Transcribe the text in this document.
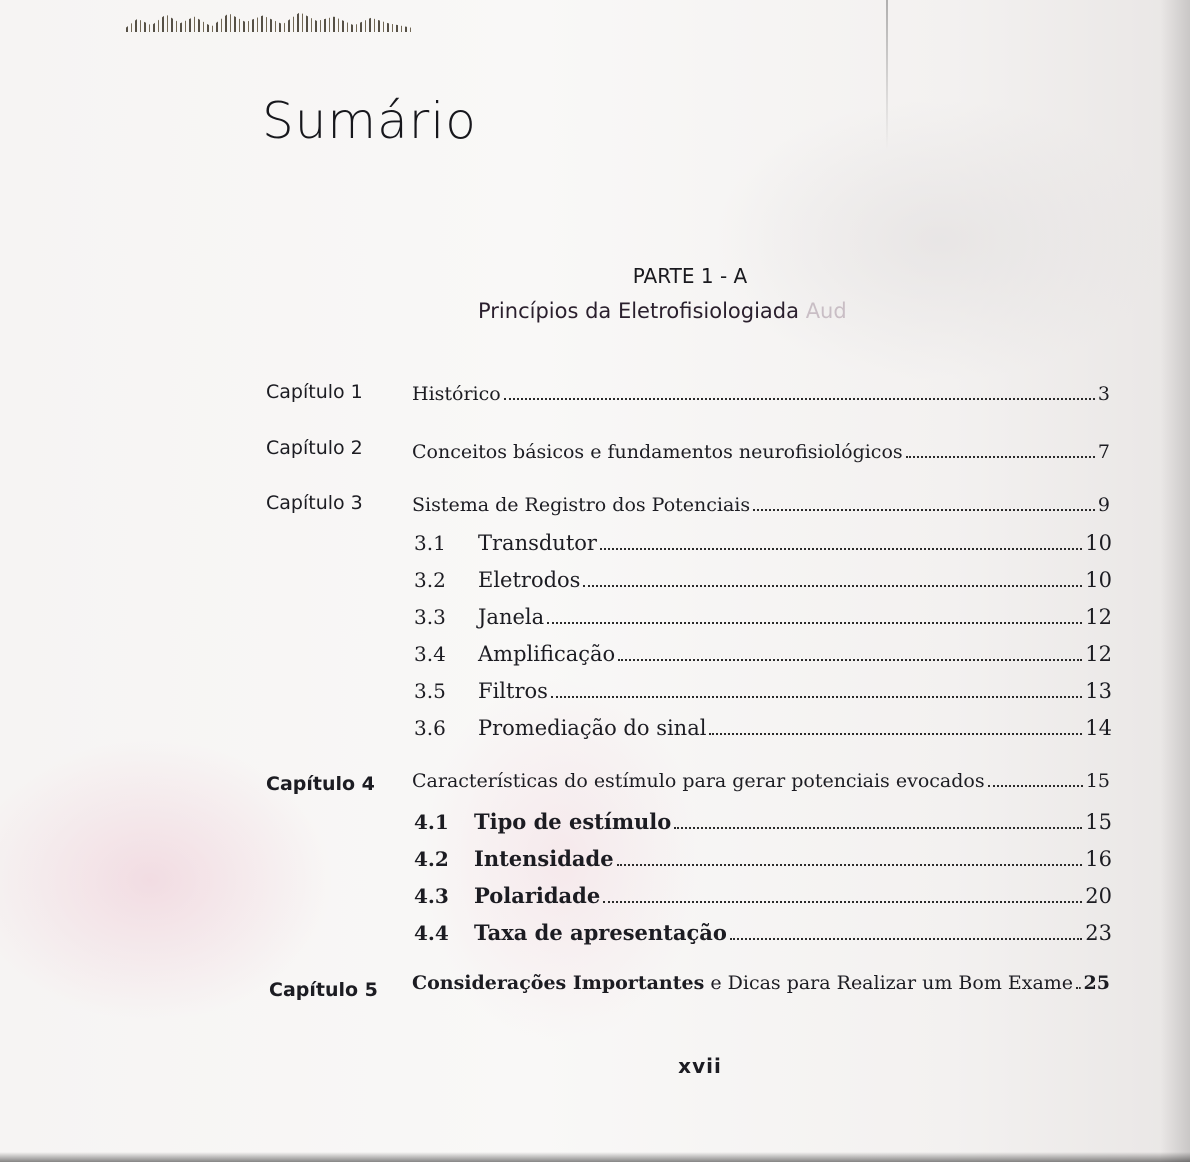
Sumário
PARTE 1 - A
Princípios da Eletrofisiologiada Aud
Capítulo 1	Histórico	3
Capítulo 2	Conceitos básicos e fundamentos neurofisiológicos	7
Capítulo 3	Sistema de Registro dos Potenciais	9
3.1	Transdutor	10
3.2	Eletrodos	10
3.3	Janela	12
3.4	Amplificação	12
3.5	Filtros	13
3.6	Promediação do sinal	14
Capítulo 4 Características do estímulo para gerar potenciais evocados	15
4.1	Tipo de estímulo	15
4.2	Intensidade	16
4.3	Polaridade	20
4.4	Taxa de apresentação	23
Capítulo 5 Considerações Importantes e Dicas para Realizar um Bom Exame 25
xvii
